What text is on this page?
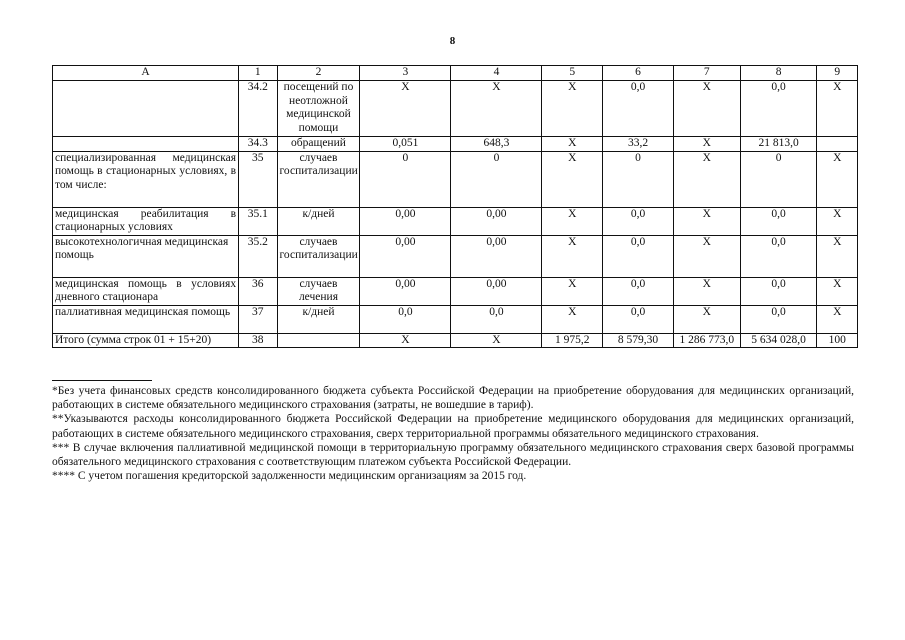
8
А	1	2	3	4	5	6	7	8	9
	34.2	посещений по неотложной медицинской помощи	X	X	X	0,0	X	0,0	X
	34.3	обращений	0,051	648,3	X	33,2	X	21 813,0	
специализированная медицинская помощь в стационарных условиях, в том числе:	35	случаев госпитализации	0	0	X	0	X	0	X
медицинская реабилитация в стационарных условиях	35.1	к/дней	0,00	0,00	X	0,0	X	0,0	X
высокотехнологичная медицинская помощь	35.2	случаев госпитализации	0,00	0,00	X	0,0	X	0,0	X
медицинская помощь в условиях дневного стационара	36	случаев лечения	0,00	0,00	X	0,0	X	0,0	X
паллиативная медицинская помощь	37	к/дней	0,0	0,0	X	0,0	X	0,0	X
Итого (сумма строк 01 + 15+20)	38		X	X	1 975,2	8 579,30	1 286 773,0	5 634 028,0	100

*Без учета финансовых средств консолидированного бюджета субъекта Российской Федерации на приобретение оборудования для медицинских организаций, работающих в системе обязательного медицинского страхования (затраты, не вошедшие в тариф).

**Указываются расходы консолидированного бюджета Российской Федерации на приобретение медицинского оборудования для медицинских организаций, работающих в системе обязательного медицинского страхования, сверх территориальной программы обязательного медицинского страхования.

*** В случае включения паллиативной медицинской помощи в территориальную программу обязательного медицинского страхования сверх базовой программы обязательного медицинского страхования с соответствующим платежом субъекта Российской Федерации.

**** С учетом погашения кредиторской задолженности медицинским организациям за 2015 год.
